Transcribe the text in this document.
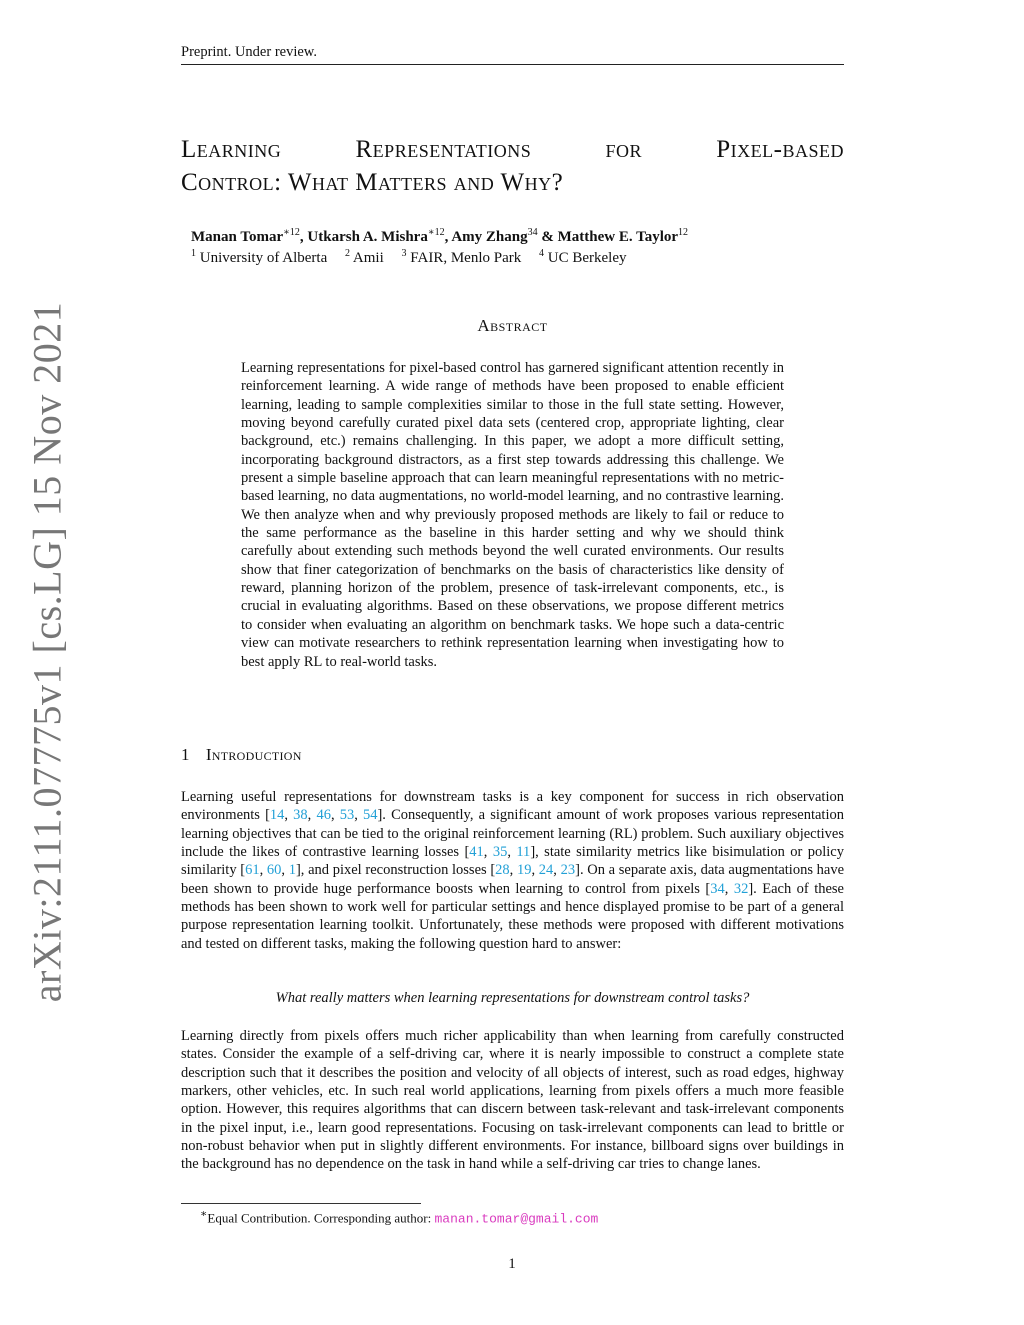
Preprint. Under review.
arXiv:2111.07775v1 [cs.LG] 15 Nov 2021
Learning Representations for Pixel-based
Control: What Matters and Why?
Manan Tomar$^{∗12}$, Utkarsh A. Mishra$^{∗12}$, Amy Zhang$^{34}$ & Matthew E. Taylor$^{12}$
$^1$ University of Alberta $^2$ Amii $^3$ FAIR, Menlo Park $^4$ UC Berkeley
Abstract

Learning representations for pixel-based control has garnered significant attention recently in reinforcement learning. A wide range of methods have been proposed to enable efficient learning, leading to sample complexities similar to those in the full state setting. However, moving beyond carefully curated pixel data sets (centered crop, appropriate lighting, clear background, etc.) remains challenging. In this paper, we adopt a more difficult setting, incorporating background distractors, as a first step towards addressing this challenge. We present a simple baseline approach that can learn meaningful representations with no metric-based learning, no data augmentations, no world-model learning, and no contrastive learning. We then analyze when and why previously proposed methods are likely to fail or reduce to the same performance as the baseline in this harder setting and why we should think carefully about extending such methods beyond the well curated environments. Our results show that finer categorization of benchmarks on the basis of characteristics like density of reward, planning horizon of the problem, presence of task-irrelevant components, etc., is crucial in evaluating algorithms. Based on these observations, we propose different metrics to consider when evaluating an algorithm on benchmark tasks. We hope such a data-centric view can motivate researchers to rethink representation learning when investigating how to best apply RL to real-world tasks.

1 Introduction

Learning useful representations for downstream tasks is a key component for success in rich observation environments [14, 38, 46, 53, 54]. Consequently, a significant amount of work proposes various representation learning objectives that can be tied to the original reinforcement learning (RL) problem. Such auxiliary objectives include the likes of contrastive learning losses [41, 35, 11], state similarity metrics like bisimulation or policy similarity [61, 60, 1], and pixel reconstruction losses [28, 19, 24, 23]. On a separate axis, data augmentations have been shown to provide huge performance boosts when learning to control from pixels [34, 32]. Each of these methods has been shown to work well for particular settings and hence displayed promise to be part of a general purpose representation learning toolkit. Unfortunately, these methods were proposed with different motivations and tested on different tasks, making the following question hard to answer:

What really matters when learning representations for downstream control tasks?

Learning directly from pixels offers much richer applicability than when learning from carefully constructed states. Consider the example of a self-driving car, where it is nearly impossible to construct a complete state description such that it describes the position and velocity of all objects of interest, such as road edges, highway markers, other vehicles, etc. In such real world applications, learning from pixels offers a much more feasible option. However, this requires algorithms that can discern between task-relevant and task-irrelevant components in the pixel input, i.e., learn good representations. Focusing on task-irrelevant components can lead to brittle or non-robust behavior when put in slightly different environments. For instance, billboard signs over buildings in the background has no dependence on the task in hand while a self-driving car tries to change lanes.

∗Equal Contribution. Corresponding author: manan.tomar@gmail.com
1
